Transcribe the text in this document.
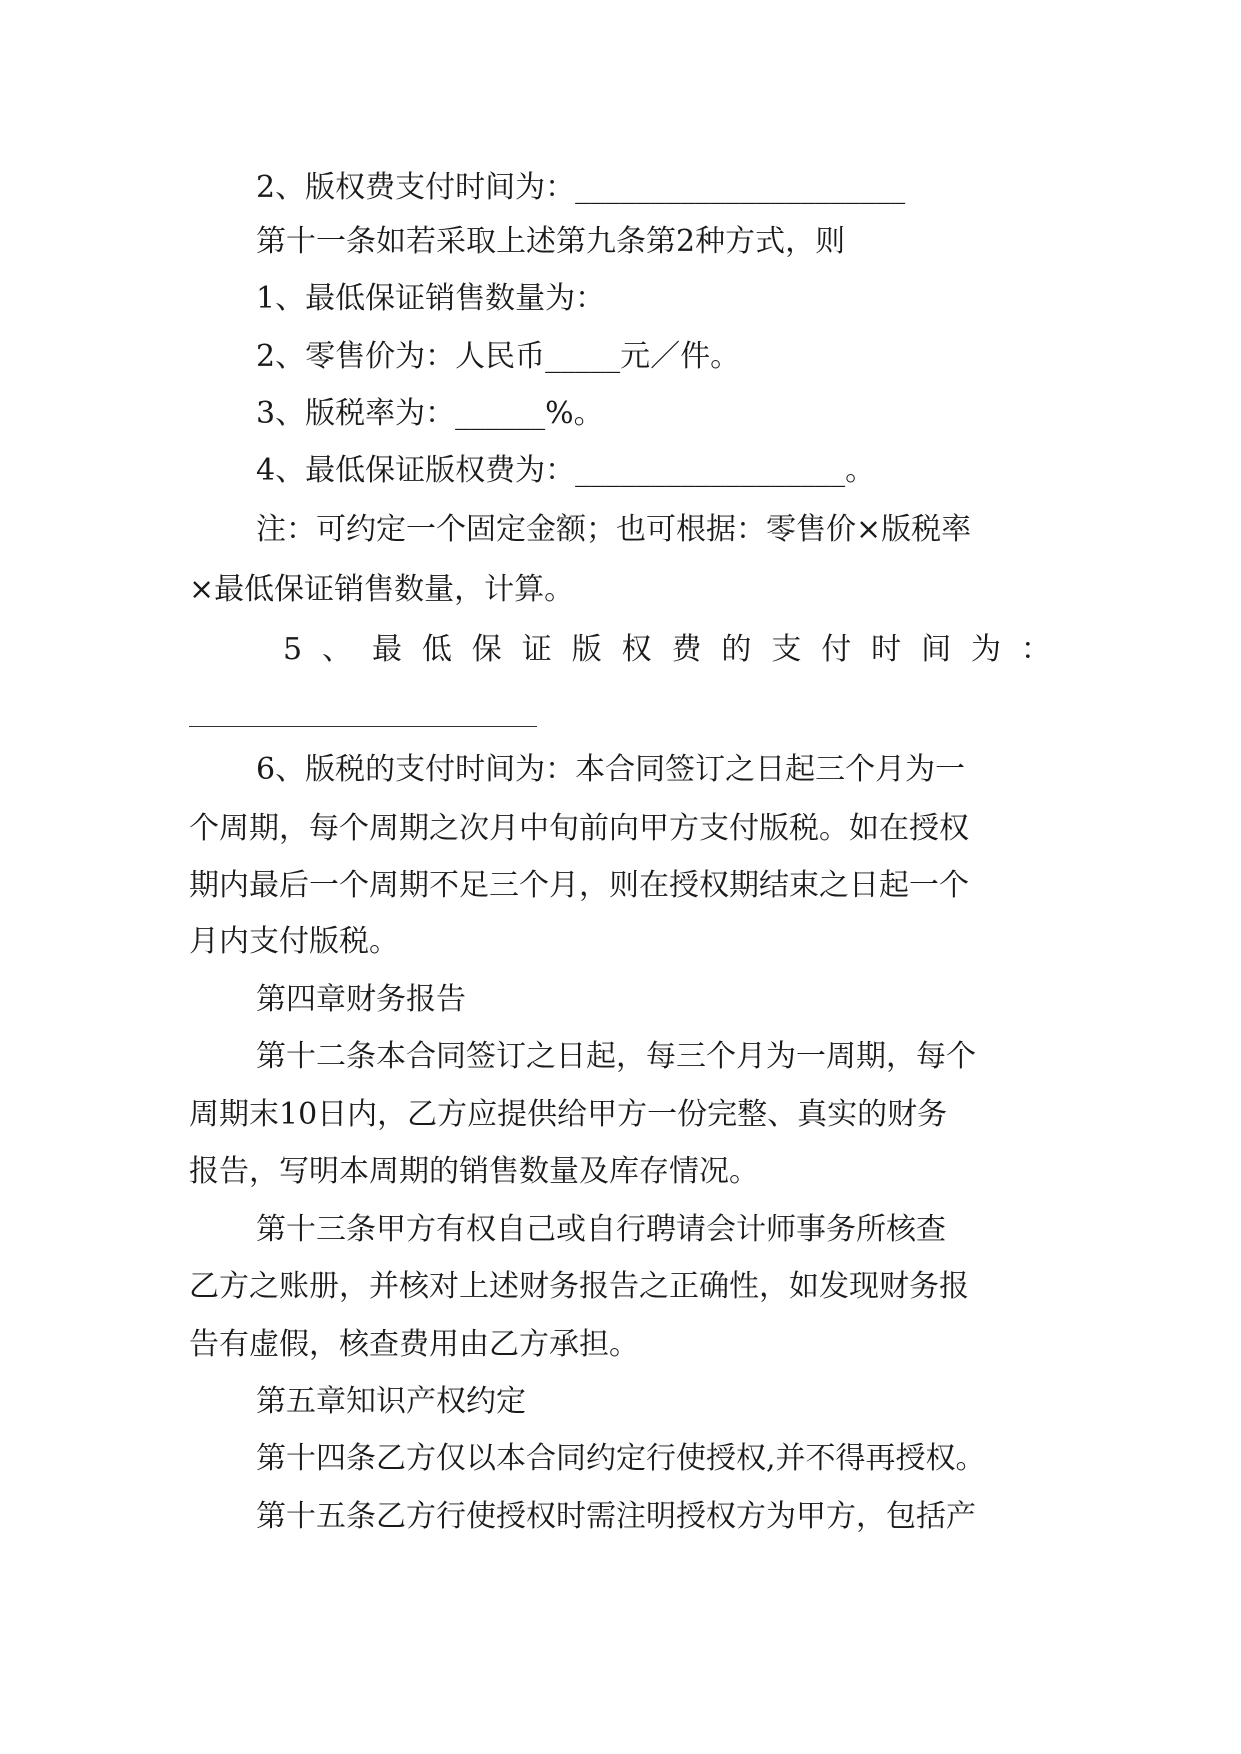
2、版权费支付时间为：______________________
第十一条如若采取上述第九条第2种方式，则
1、最低保证销售数量为：
2、零售价为：人民币_____元／件。
3、版税率为：______%。
4、最低保证版权费为：__________________。
注：可约定一个固定金额；也可根据：零售价×版税率
×最低保证销售数量，计算。
5 、 最 低 保 证 版 权 费 的 支 付 时 间 为 ：
6、版税的支付时间为：本合同签订之日起三个月为一
个周期，每个周期之次月中旬前向甲方支付版税。如在授权
期内最后一个周期不足三个月，则在授权期结束之日起一个
月内支付版税。
第四章财务报告
第十二条本合同签订之日起，每三个月为一周期，每个
周期末10日内，乙方应提供给甲方一份完整、真实的财务
报告，写明本周期的销售数量及库存情况。
第十三条甲方有权自己或自行聘请会计师事务所核查
乙方之账册，并核对上述财务报告之正确性，如发现财务报
告有虚假，核查费用由乙方承担。
第五章知识产权约定
第十四条乙方仅以本合同约定行使授权,并不得再授权。
第十五条乙方行使授权时需注明授权方为甲方，包括产
